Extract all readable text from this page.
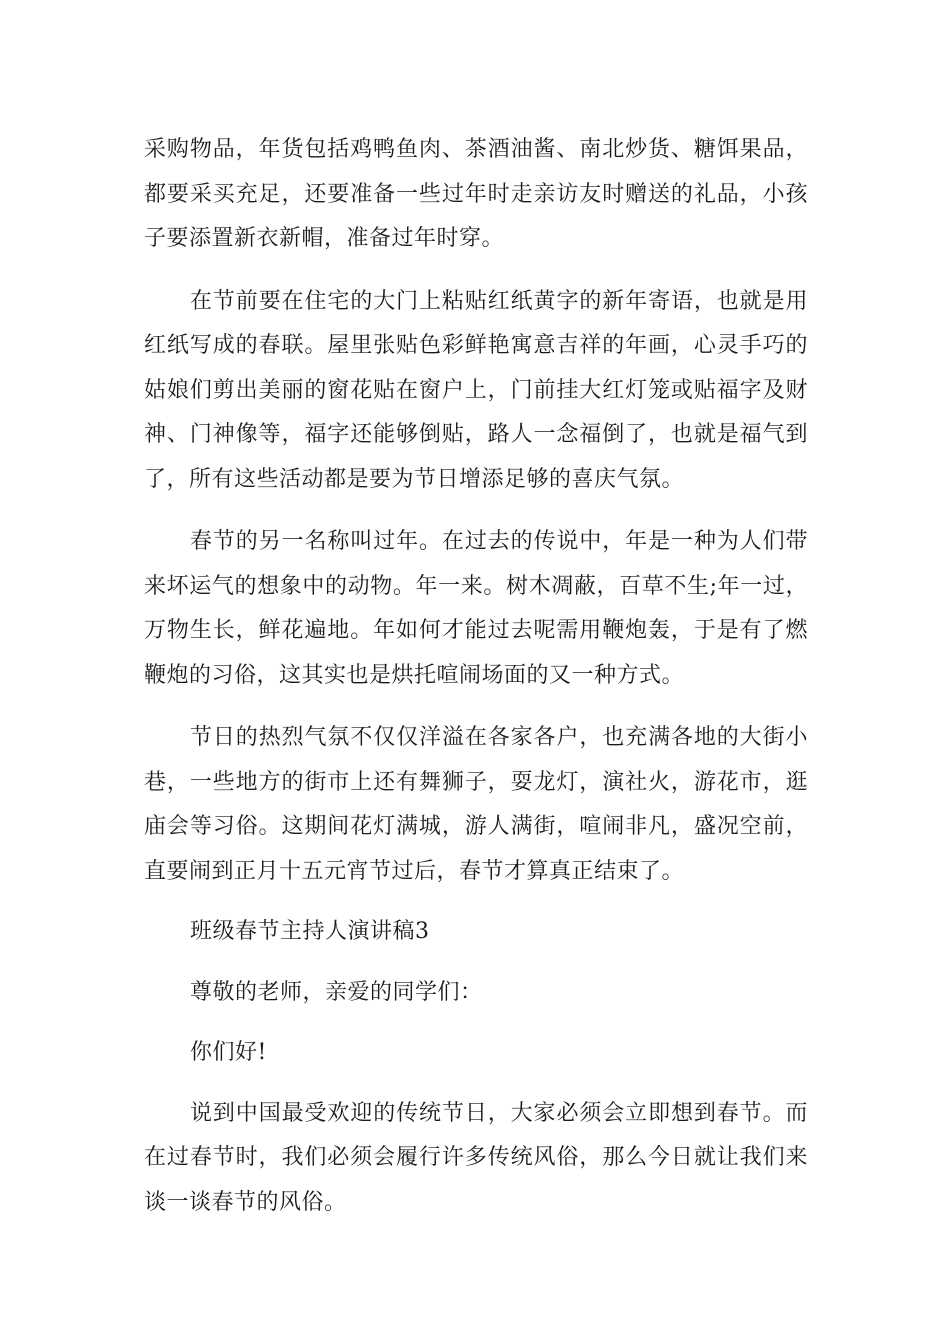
采购物品，年货包括鸡鸭鱼肉、茶酒油酱、南北炒货、糖饵果品，
都要采买充足，还要准备一些过年时走亲访友时赠送的礼品，小孩
子要添置新衣新帽，准备过年时穿。
在节前要在住宅的大门上粘贴红纸黄字的新年寄语，也就是用
红纸写成的春联。屋里张贴色彩鲜艳寓意吉祥的年画，心灵手巧的
姑娘们剪出美丽的窗花贴在窗户上，门前挂大红灯笼或贴福字及财
神、门神像等，福字还能够倒贴，路人一念福倒了，也就是福气到
了，所有这些活动都是要为节日增添足够的喜庆气氛。
春节的另一名称叫过年。在过去的传说中，年是一种为人们带
来坏运气的想象中的动物。年一来。树木凋蔽，百草不生;年一过，
万物生长，鲜花遍地。年如何才能过去呢需用鞭炮轰，于是有了燃
鞭炮的习俗，这其实也是烘托喧闹场面的又一种方式。
节日的热烈气氛不仅仅洋溢在各家各户，也充满各地的大街小
巷，一些地方的街市上还有舞狮子，耍龙灯，演社火，游花市，逛
庙会等习俗。这期间花灯满城，游人满街，喧闹非凡，盛况空前，
直要闹到正月十五元宵节过后，春节才算真正结束了。
班级春节主持人演讲稿3
尊敬的老师，亲爱的同学们：
你们好!
说到中国最受欢迎的传统节日，大家必须会立即想到春节。而
在过春节时，我们必须会履行许多传统风俗，那么今日就让我们来
谈一谈春节的风俗。
